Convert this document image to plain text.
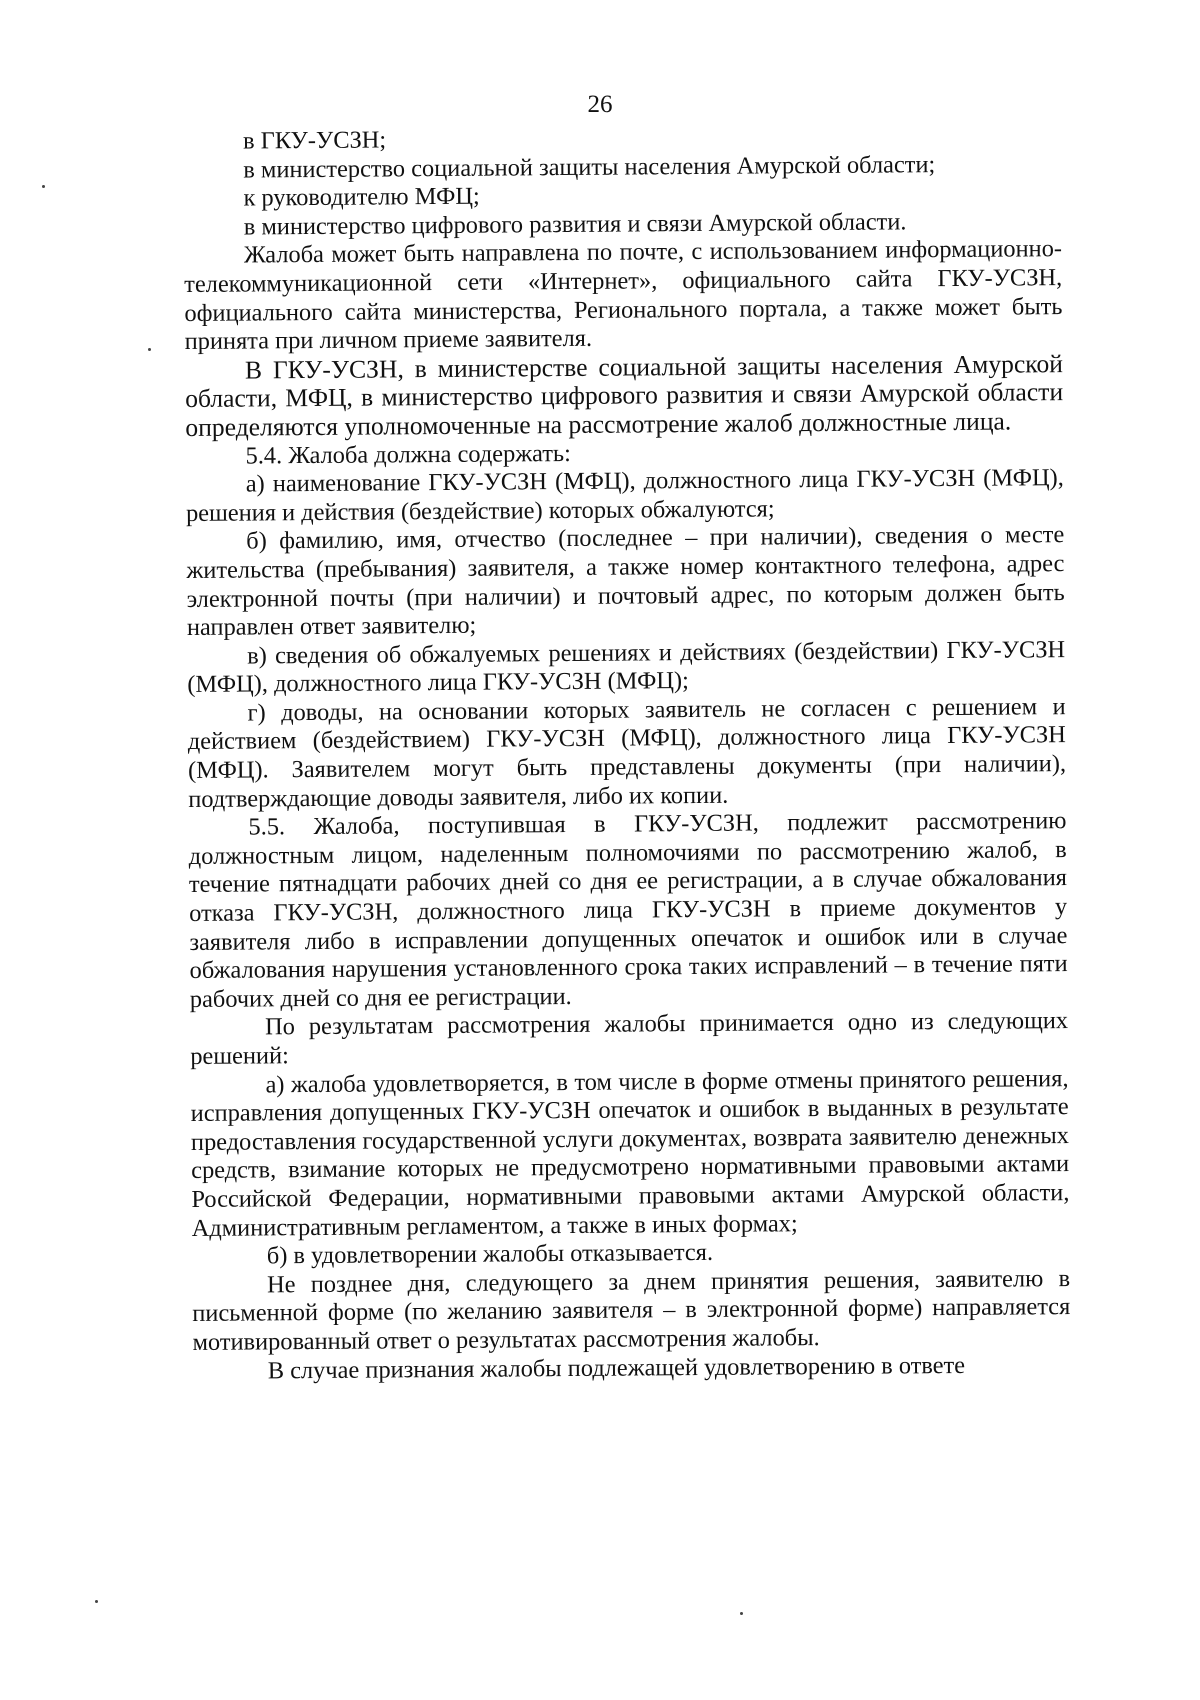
26

в ГКУ-УСЗН;

в министерство социальной защиты населения Амурской области;

к руководителю МФЦ;

в министерство цифрового развития и связи Амурской области.

Жалоба может быть направлена по почте, с использованием информационно-телекоммуникационной сети «Интернет», официального сайта ГКУ-УСЗН, официального сайта министерства, Регионального портала, а также может быть принята при личном приеме заявителя.

В ГКУ-УСЗН, в министерстве социальной защиты населения Амурской области, МФЦ, в министерство цифрового развития и связи Амурской области определяются уполномоченные на рассмотрение жалоб должностные лица.

5.4. Жалоба должна содержать:

а) наименование ГКУ-УСЗН (МФЦ), должностного лица ГКУ-УСЗН (МФЦ), решения и действия (бездействие) которых обжалуются;

б) фамилию, имя, отчество (последнее – при наличии), сведения о месте жительства (пребывания) заявителя, а также номер контактного телефона, адрес электронной почты (при наличии) и почтовый адрес, по которым должен быть направлен ответ заявителю;

в) сведения об обжалуемых решениях и действиях (бездействии) ГКУ-УСЗН (МФЦ), должностного лица ГКУ-УСЗН (МФЦ);

г) доводы, на основании которых заявитель не согласен с решением и действием (бездействием) ГКУ-УСЗН (МФЦ), должностного лица ГКУ-УСЗН (МФЦ). Заявителем могут быть представлены документы (при наличии), подтверждающие доводы заявителя, либо их копии.

5.5. Жалоба, поступившая в ГКУ-УСЗН, подлежит рассмотрению должностным лицом, наделенным полномочиями по рассмотрению жалоб, в течение пятнадцати рабочих дней со дня ее регистрации, а в случае обжалования отказа ГКУ-УСЗН, должностного лица ГКУ-УСЗН в приеме документов у заявителя либо в исправлении допущенных опечаток и ошибок или в случае обжалования нарушения установленного срока таких исправлений – в течение пяти рабочих дней со дня ее регистрации.

По результатам рассмотрения жалобы принимается одно из следующих решений:

а) жалоба удовлетворяется, в том числе в форме отмены принятого решения, исправления допущенных ГКУ-УСЗН опечаток и ошибок в выданных в результате предоставления государственной услуги документах, возврата заявителю денежных средств, взимание которых не предусмотрено нормативными правовыми актами Российской Федерации, нормативными правовыми актами Амурской области, Административным регламентом, а также в иных формах;

б) в удовлетворении жалобы отказывается.

Не позднее дня, следующего за днем принятия решения, заявителю в письменной форме (по желанию заявителя – в электронной форме) направляется мотивированный ответ о результатах рассмотрения жалобы.

В случае признания жалобы подлежащей удовлетворению в ответе
